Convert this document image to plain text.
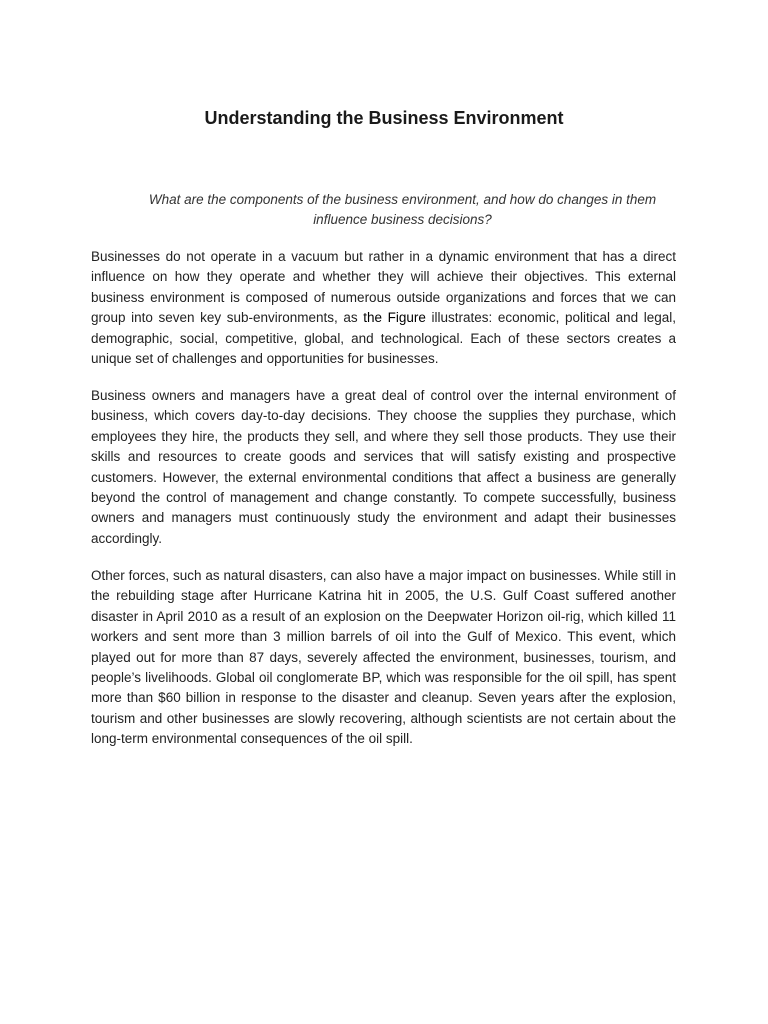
Understanding the Business Environment

What are the components of the business environment, and how do changes in them influence business decisions?

Businesses do not operate in a vacuum but rather in a dynamic environment that has a direct influence on how they operate and whether they will achieve their objectives. This external business environment is composed of numerous outside organizations and forces that we can group into seven key sub-environments, as the Figure illustrates: economic, political and legal, demographic, social, competitive, global, and technological. Each of these sectors creates a unique set of challenges and opportunities for businesses.

Business owners and managers have a great deal of control over the internal environment of business, which covers day-to-day decisions. They choose the supplies they purchase, which employees they hire, the products they sell, and where they sell those products. They use their skills and resources to create goods and services that will satisfy existing and prospective customers. However, the external environmental conditions that affect a business are generally beyond the control of management and change constantly. To compete successfully, business owners and managers must continuously study the environment and adapt their businesses accordingly.

Other forces, such as natural disasters, can also have a major impact on businesses. While still in the rebuilding stage after Hurricane Katrina hit in 2005, the U.S. Gulf Coast suffered another disaster in April 2010 as a result of an explosion on the Deepwater Horizon oil-rig, which killed 11 workers and sent more than 3 million barrels of oil into the Gulf of Mexico. This event, which played out for more than 87 days, severely affected the environment, businesses, tourism, and people’s livelihoods. Global oil conglomerate BP, which was responsible for the oil spill, has spent more than $60 billion in response to the disaster and cleanup. Seven years after the explosion, tourism and other businesses are slowly recovering, although scientists are not certain about the long-term environmental consequences of the oil spill.
